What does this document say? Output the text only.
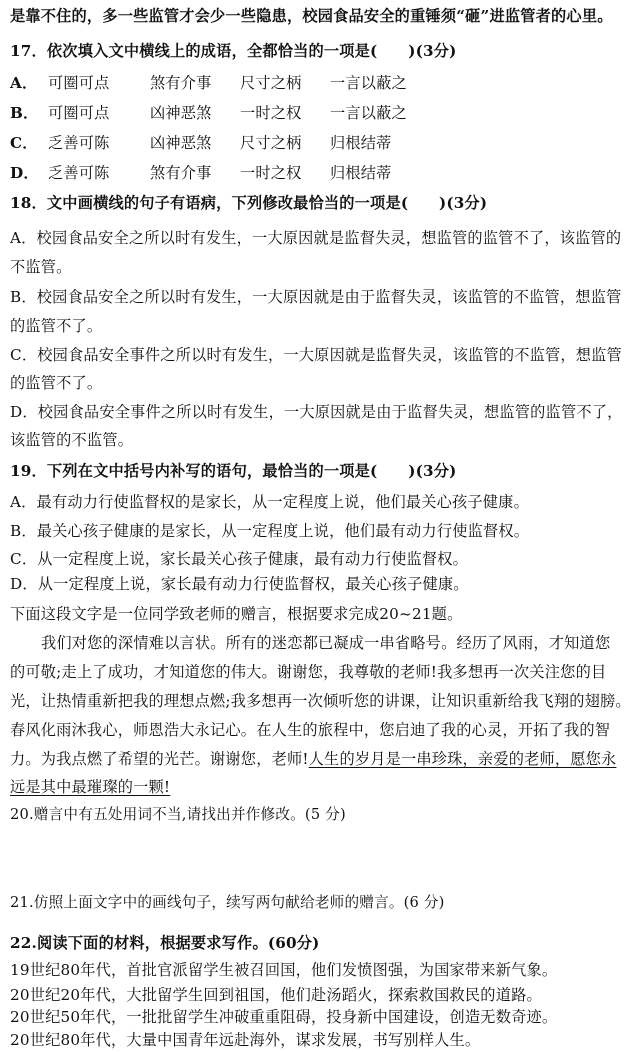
是靠不住的，多一些监管才会少一些隐患，校园食品安全的重锤须“砸”进监管者的心里。
17．依次填入文中横线上的成语，全都恰当的一项是(　　)(3分)
A． 可圈可点	煞有介事 尺寸之柄 一言以蔽之
B． 可圈可点	凶神恶煞 一时之权 一言以蔽之
C． 乏善可陈	凶神恶煞 尺寸之柄 归根结蒂
D． 乏善可陈	煞有介事 一时之权 归根结蒂
18．文中画横线的句子有语病，下列修改最恰当的一项是(　　)(3分)
A．校园食品安全之所以时有发生，一大原因就是监督失灵，想监管的监管不了，该监管的
不监管。
B．校园食品安全之所以时有发生，一大原因就是由于监督失灵，该监管的不监管，想监管
的监管不了。
C．校园食品安全事件之所以时有发生，一大原因就是监督失灵，该监管的不监管，想监管
的监管不了。
D．校园食品安全事件之所以时有发生，一大原因就是由于监督失灵，想监管的监管不了，
该监管的不监管。
19．下列在文中括号内补写的语句，最恰当的一项是(　　)(3分)
A．最有动力行使监督权的是家长，从一定程度上说，他们最关心孩子健康。
B．最关心孩子健康的是家长，从一定程度上说，他们最有动力行使监督权。
C．从一定程度上说，家长最关心孩子健康，最有动力行使监督权。
D．从一定程度上说，家长最有动力行使监督权，最关心孩子健康。
下面这段文字是一位同学致老师的赠言，根据要求完成20~21题。
我们对您的深情难以言状。所有的迷恋都已凝成一串省略号。经历了风雨，才知道您
的可敬;走上了成功，才知道您的伟大。谢谢您，我尊敬的老师!我多想再一次关注您的目
光，让热情重新把我的理想点燃;我多想再一次倾听您的讲课，让知识重新给我飞翔的翅膀。
春风化雨沐我心，师恩浩大永记心。在人生的旅程中，您启迪了我的心灵，开拓了我的智
力。为我点燃了希望的光芒。谢谢您，老师!人生的岁月是一串珍珠，亲爱的老师，愿您永
远是其中最璀璨的一颗!
20.赠言中有五处用词不当,请找出并作修改。(5 分)
21.仿照上面文字中的画线句子，续写两句献给老师的赠言。(6 分)
22.阅读下面的材料，根据要求写作。(60分)
19世纪80年代，首批官派留学生被召回国，他们发愤图强，为国家带来新气象。
20世纪20年代，大批留学生回到祖国，他们赴汤蹈火，探索救国救民的道路。
20世纪50年代，一批批留学生冲破重重阻碍，投身新中国建设，创造无数奇迹。
20世纪80年代，大量中国青年远赴海外，谋求发展，书写别样人生。
